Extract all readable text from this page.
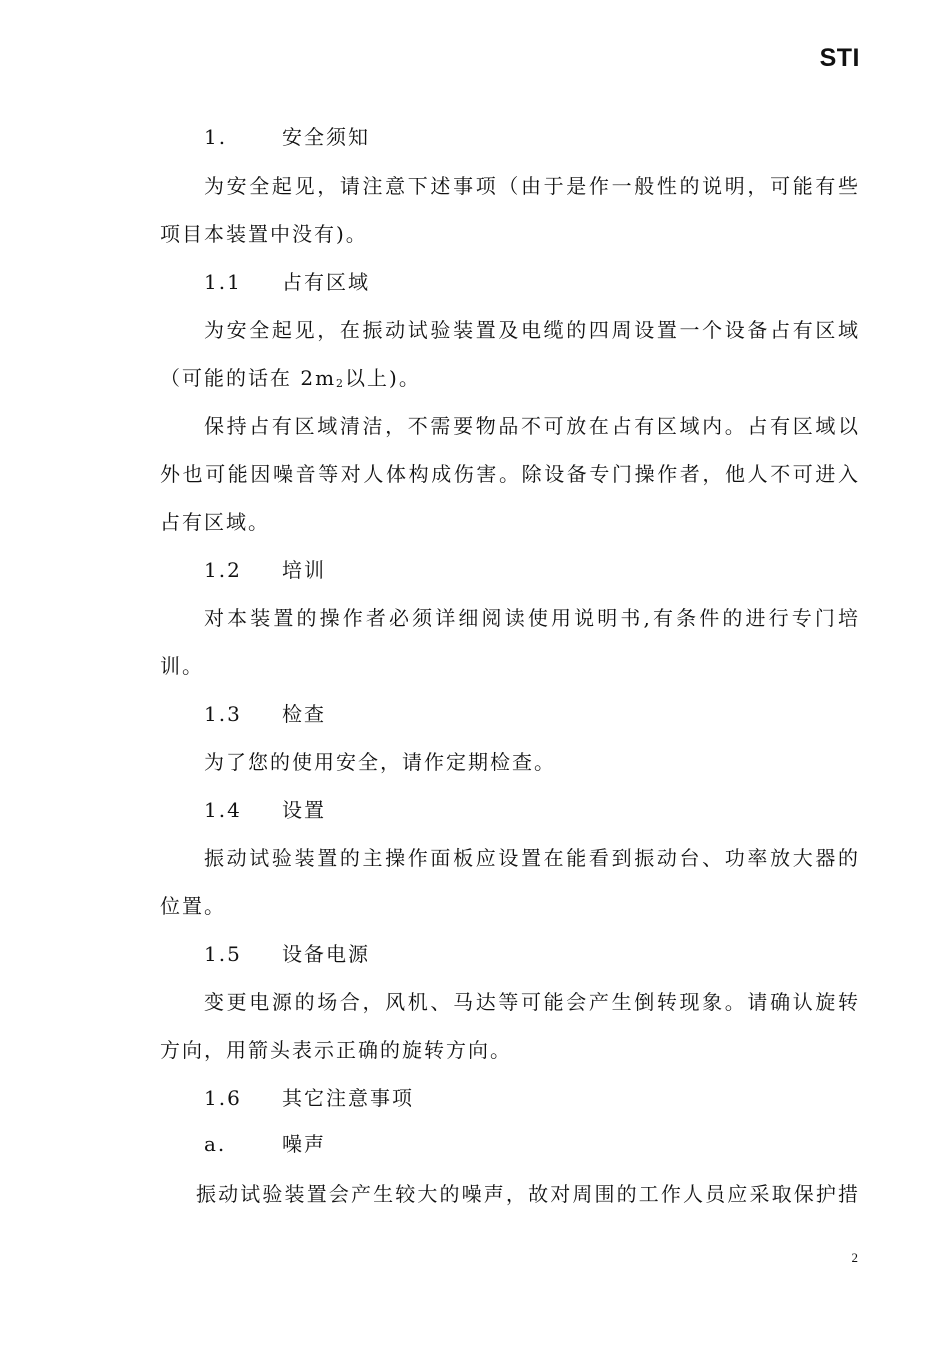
STI
1.	安全须知
为安全起见，请注意下述事项（由于是作一般性的说明，可能有些
项目本装置中没有)。
1.1 占有区域
为安全起见，在振动试验装置及电缆的四周设置一个设备占有区域
（可能的话在 $2m_2$以上)。
保持占有区域清洁，不需要物品不可放在占有区域内。占有区域以
外也可能因噪音等对人体构成伤害。除设备专门操作者，他人不可进入
占有区域。
1.2 培训
对本装置的操作者必须详细阅读使用说明书,有条件的进行专门培
训。
1.3 检查
为了您的使用安全，请作定期检查。
1.4 设置
振动试验装置的主操作面板应设置在能看到振动台、功率放大器的
位置。
1.5 设备电源
变更电源的场合，风机、马达等可能会产生倒转现象。请确认旋转
方向，用箭头表示正确的旋转方向。
1.6 其它注意事项
a.	噪声
振动试验装置会产生较大的噪声，故对周围的工作人员应采取保护措
2
